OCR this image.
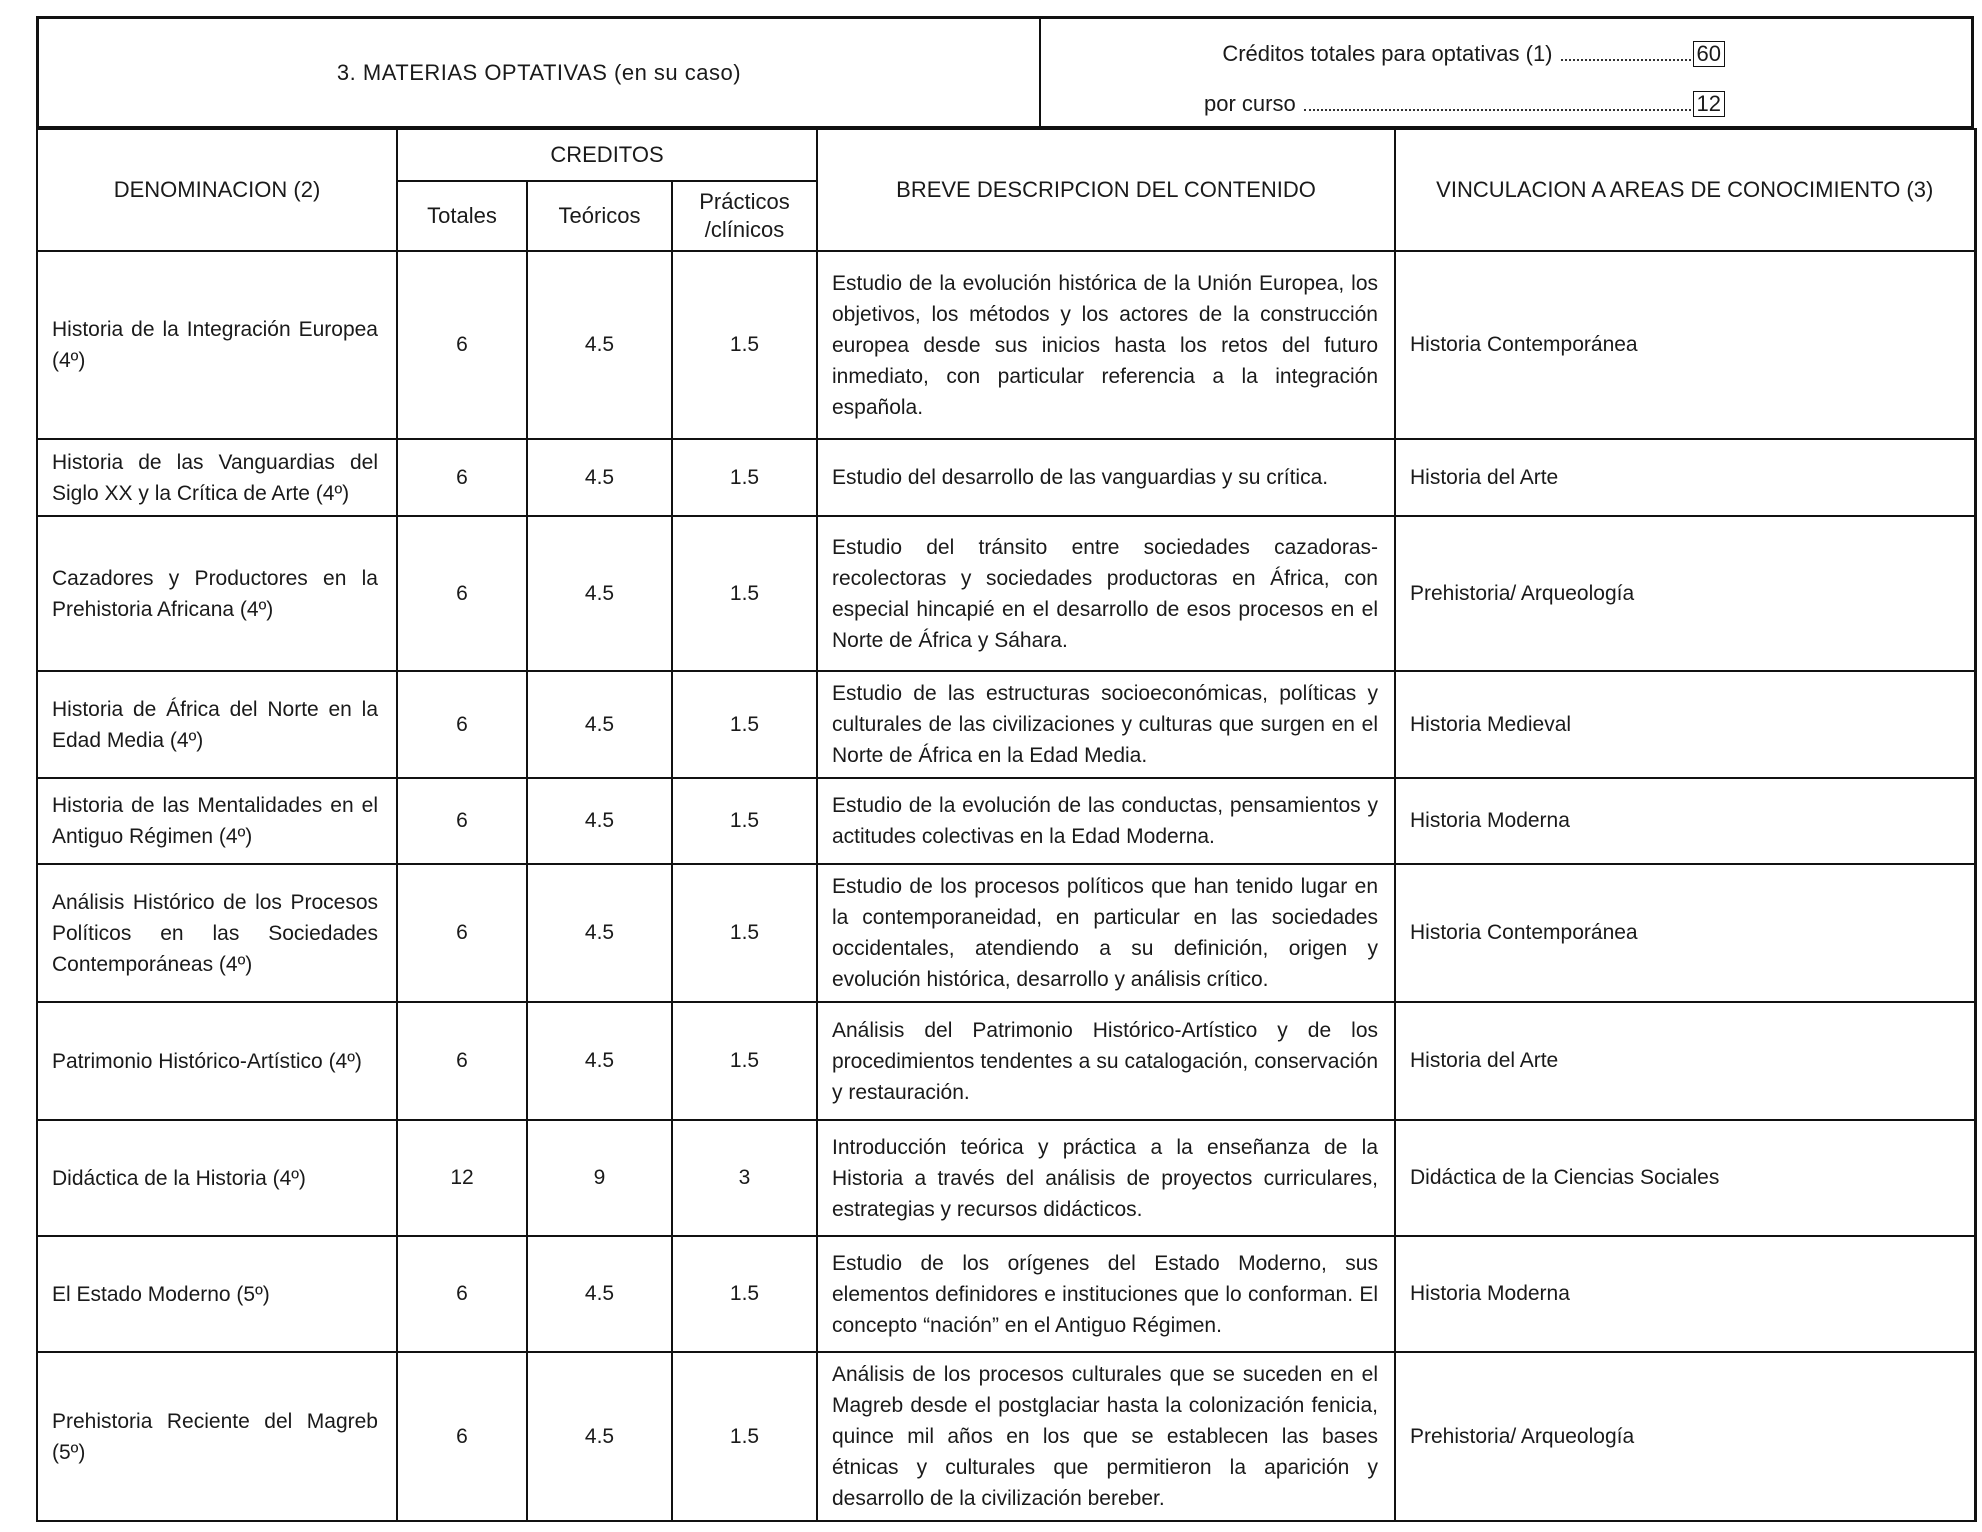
3. MATERIAS OPTATIVAS (en su caso)
Créditos totales para optativas (1)	60
por curso	12
DENOMINACION (2)	CREDITOS			BREVE DESCRIPCION DEL CONTENIDO	VINCULACION A AREAS DE CONOCIMIENTO (3)
	Totales	Teóricos	Prácticos /clínicos		
Historia de la Integración Europea (4º)	6	4.5	1.5	Estudio de la evolución histórica de la Unión Europea, los objetivos, los métodos y los actores de la construcción europea desde sus inicios hasta los retos del futuro inmediato, con particular referencia a la integración española.	Historia Contemporánea
Historia de las Vanguardias del Siglo XX y la Crítica de Arte (4º)	6	4.5	1.5	Estudio del desarrollo de las vanguardias y su crítica.	Historia del Arte
Cazadores y Productores en la Prehistoria Africana (4º)	6	4.5	1.5	Estudio del tránsito entre sociedades cazadoras-recolectoras y sociedades productoras en África, con especial hincapié en el desarrollo de esos procesos en el Norte de África y Sáhara.	Prehistoria/ Arqueología
Historia de África del Norte en la Edad Media (4º)	6	4.5	1.5	Estudio de las estructuras socioeconómicas, políticas y culturales de las civilizaciones y culturas que surgen en el Norte de África en la Edad Media.	Historia Medieval
Historia de las Mentalidades en el Antiguo Régimen (4º)	6	4.5	1.5	Estudio de la evolución de las conductas, pensamientos y actitudes colectivas en la Edad Moderna.	Historia Moderna
Análisis Histórico de los Procesos Políticos en las Sociedades Contemporáneas (4º)	6	4.5	1.5	Estudio de los procesos políticos que han tenido lugar en la contemporaneidad, en particular en las sociedades occidentales, atendiendo a su definición, origen y evolución histórica, desarrollo y análisis crítico.	Historia Contemporánea
Patrimonio Histórico-Artístico (4º)	6	4.5	1.5	Análisis del Patrimonio Histórico-Artístico y de los procedimientos tendentes a su catalogación, conservación y restauración.	Historia del Arte
Didáctica de la Historia (4º)	12	9	3	Introducción teórica y práctica a la enseñanza de la Historia a través del análisis de proyectos curriculares, estrategias y recursos didácticos.	Didáctica de la Ciencias Sociales
El Estado Moderno (5º)	6	4.5	1.5	Estudio de los orígenes del Estado Moderno, sus elementos definidores e instituciones que lo conforman. El concepto “nación” en el Antiguo Régimen.	Historia Moderna
Prehistoria Reciente del Magreb (5º)	6	4.5	1.5	Análisis de los procesos culturales que se suceden en el Magreb desde el postglaciar hasta la colonización fenicia, quince mil años en los que se establecen las bases étnicas y culturales que permitieron la aparición y desarrollo de la civilización bereber.	Prehistoria/ Arqueología
